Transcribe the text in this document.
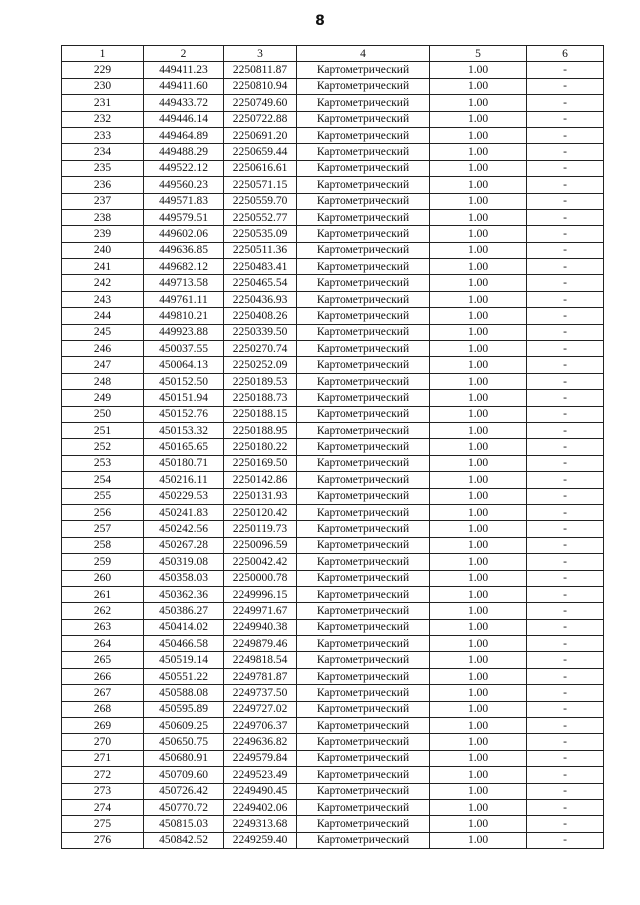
8
1	2	3	4	5	6
229	449411.23	2250811.87	Картометрический	1.00	-
230	449411.60	2250810.94	Картометрический	1.00	-
231	449433.72	2250749.60	Картометрический	1.00	-
232	449446.14	2250722.88	Картометрический	1.00	-
233	449464.89	2250691.20	Картометрический	1.00	-
234	449488.29	2250659.44	Картометрический	1.00	-
235	449522.12	2250616.61	Картометрический	1.00	-
236	449560.23	2250571.15	Картометрический	1.00	-
237	449571.83	2250559.70	Картометрический	1.00	-
238	449579.51	2250552.77	Картометрический	1.00	-
239	449602.06	2250535.09	Картометрический	1.00	-
240	449636.85	2250511.36	Картометрический	1.00	-
241	449682.12	2250483.41	Картометрический	1.00	-
242	449713.58	2250465.54	Картометрический	1.00	-
243	449761.11	2250436.93	Картометрический	1.00	-
244	449810.21	2250408.26	Картометрический	1.00	-
245	449923.88	2250339.50	Картометрический	1.00	-
246	450037.55	2250270.74	Картометрический	1.00	-
247	450064.13	2250252.09	Картометрический	1.00	-
248	450152.50	2250189.53	Картометрический	1.00	-
249	450151.94	2250188.73	Картометрический	1.00	-
250	450152.76	2250188.15	Картометрический	1.00	-
251	450153.32	2250188.95	Картометрический	1.00	-
252	450165.65	2250180.22	Картометрический	1.00	-
253	450180.71	2250169.50	Картометрический	1.00	-
254	450216.11	2250142.86	Картометрический	1.00	-
255	450229.53	2250131.93	Картометрический	1.00	-
256	450241.83	2250120.42	Картометрический	1.00	-
257	450242.56	2250119.73	Картометрический	1.00	-
258	450267.28	2250096.59	Картометрический	1.00	-
259	450319.08	2250042.42	Картометрический	1.00	-
260	450358.03	2250000.78	Картометрический	1.00	-
261	450362.36	2249996.15	Картометрический	1.00	-
262	450386.27	2249971.67	Картометрический	1.00	-
263	450414.02	2249940.38	Картометрический	1.00	-
264	450466.58	2249879.46	Картометрический	1.00	-
265	450519.14	2249818.54	Картометрический	1.00	-
266	450551.22	2249781.87	Картометрический	1.00	-
267	450588.08	2249737.50	Картометрический	1.00	-
268	450595.89	2249727.02	Картометрический	1.00	-
269	450609.25	2249706.37	Картометрический	1.00	-
270	450650.75	2249636.82	Картометрический	1.00	-
271	450680.91	2249579.84	Картометрический	1.00	-
272	450709.60	2249523.49	Картометрический	1.00	-
273	450726.42	2249490.45	Картометрический	1.00	-
274	450770.72	2249402.06	Картометрический	1.00	-
275	450815.03	2249313.68	Картометрический	1.00	-
276	450842.52	2249259.40	Картометрический	1.00	-
